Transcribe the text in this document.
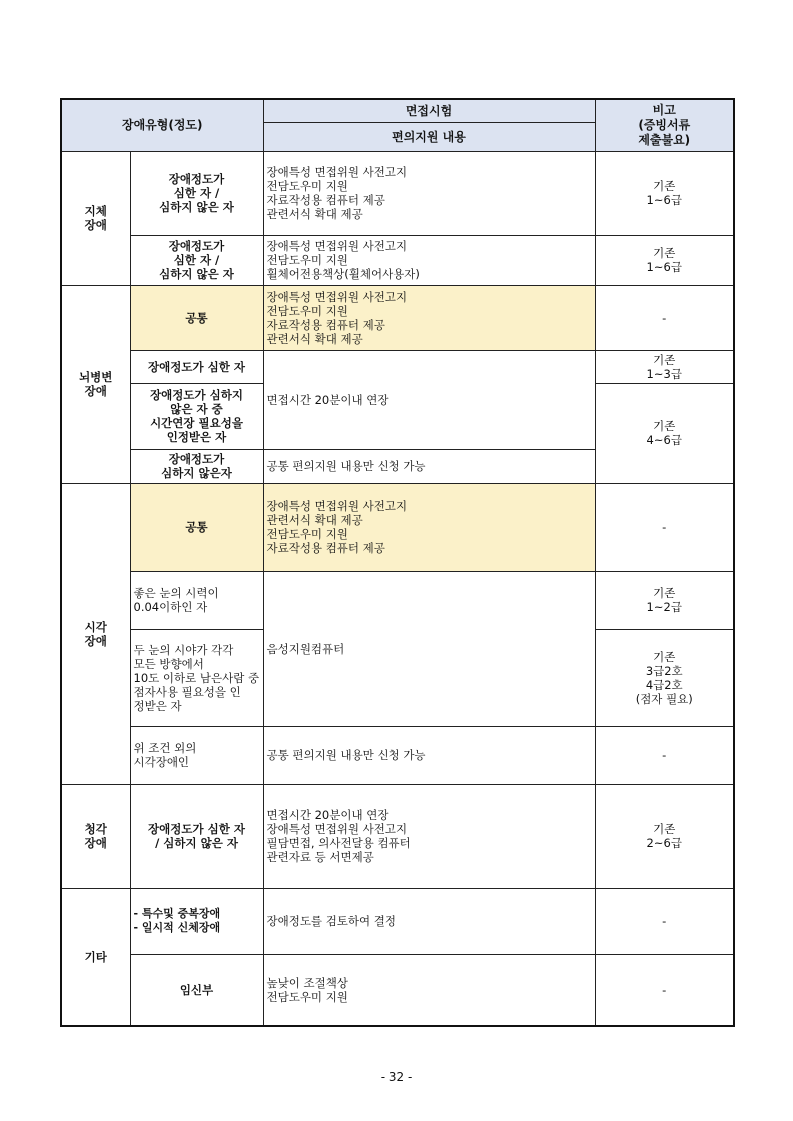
장애유형(정도)		면접시험	비고
(증빙서류
제출불요)
		편의지원 내용	
지체
장애	장애정도가
심한 자 /
심하지 않은 자	장애특성 면접위원 사전고지
전담도우미 지원
자료작성용 컴퓨터 제공
관련서식 확대 제공	기존
1~6급
	장애정도가
심한 자 /
심하지 않은 자	장애특성 면접위원 사전고지
전담도우미 지원
휠체어전용책상(휠체어사용자)	기존
1~6급
뇌병변
장애	공통	장애특성 면접위원 사전고지
전담도우미 지원
자료작성용 컴퓨터 제공
관련서식 확대 제공	-
	장애정도가 심한 자	면접시간 20분이내 연장	기존
1~3급
	장애정도가 심하지
않은 자 중
시간연장 필요성을
인정받은 자		기존
4~6급
	장애정도가
심하지 않은자	공통 편의지원 내용만 신청 가능	
시각
장애	공통	장애특성 면접위원 사전고지
관련서식 확대 제공
전담도우미 지원
자료작성용 컴퓨터 제공	-
	좋은 눈의 시력이
0.04이하인 자	음성지원컴퓨터	기존
1~2급
	두 눈의 시야가 각각
모든 방향에서
10도 이하로 남은사람 중
점자사용 필요성을 인
정받은 자		기존
3급2호
4급2호
(점자 필요)
	위 조건 외의
시각장애인	공통 편의지원 내용만 신청 가능	-
청각
장애	장애정도가 심한 자
/ 심하지 않은 자	면접시간 20분이내 연장
장애특성 면접위원 사전고지
필담면접, 의사전달용 컴퓨터
관련자료 등 서면제공	기존
2~6급
기타	- 특수및 중복장애
- 일시적 신체장애	장애정도를 검토하여 결정	-
	임신부	높낮이 조절책상
전담도우미 지원	-
- 32 -
